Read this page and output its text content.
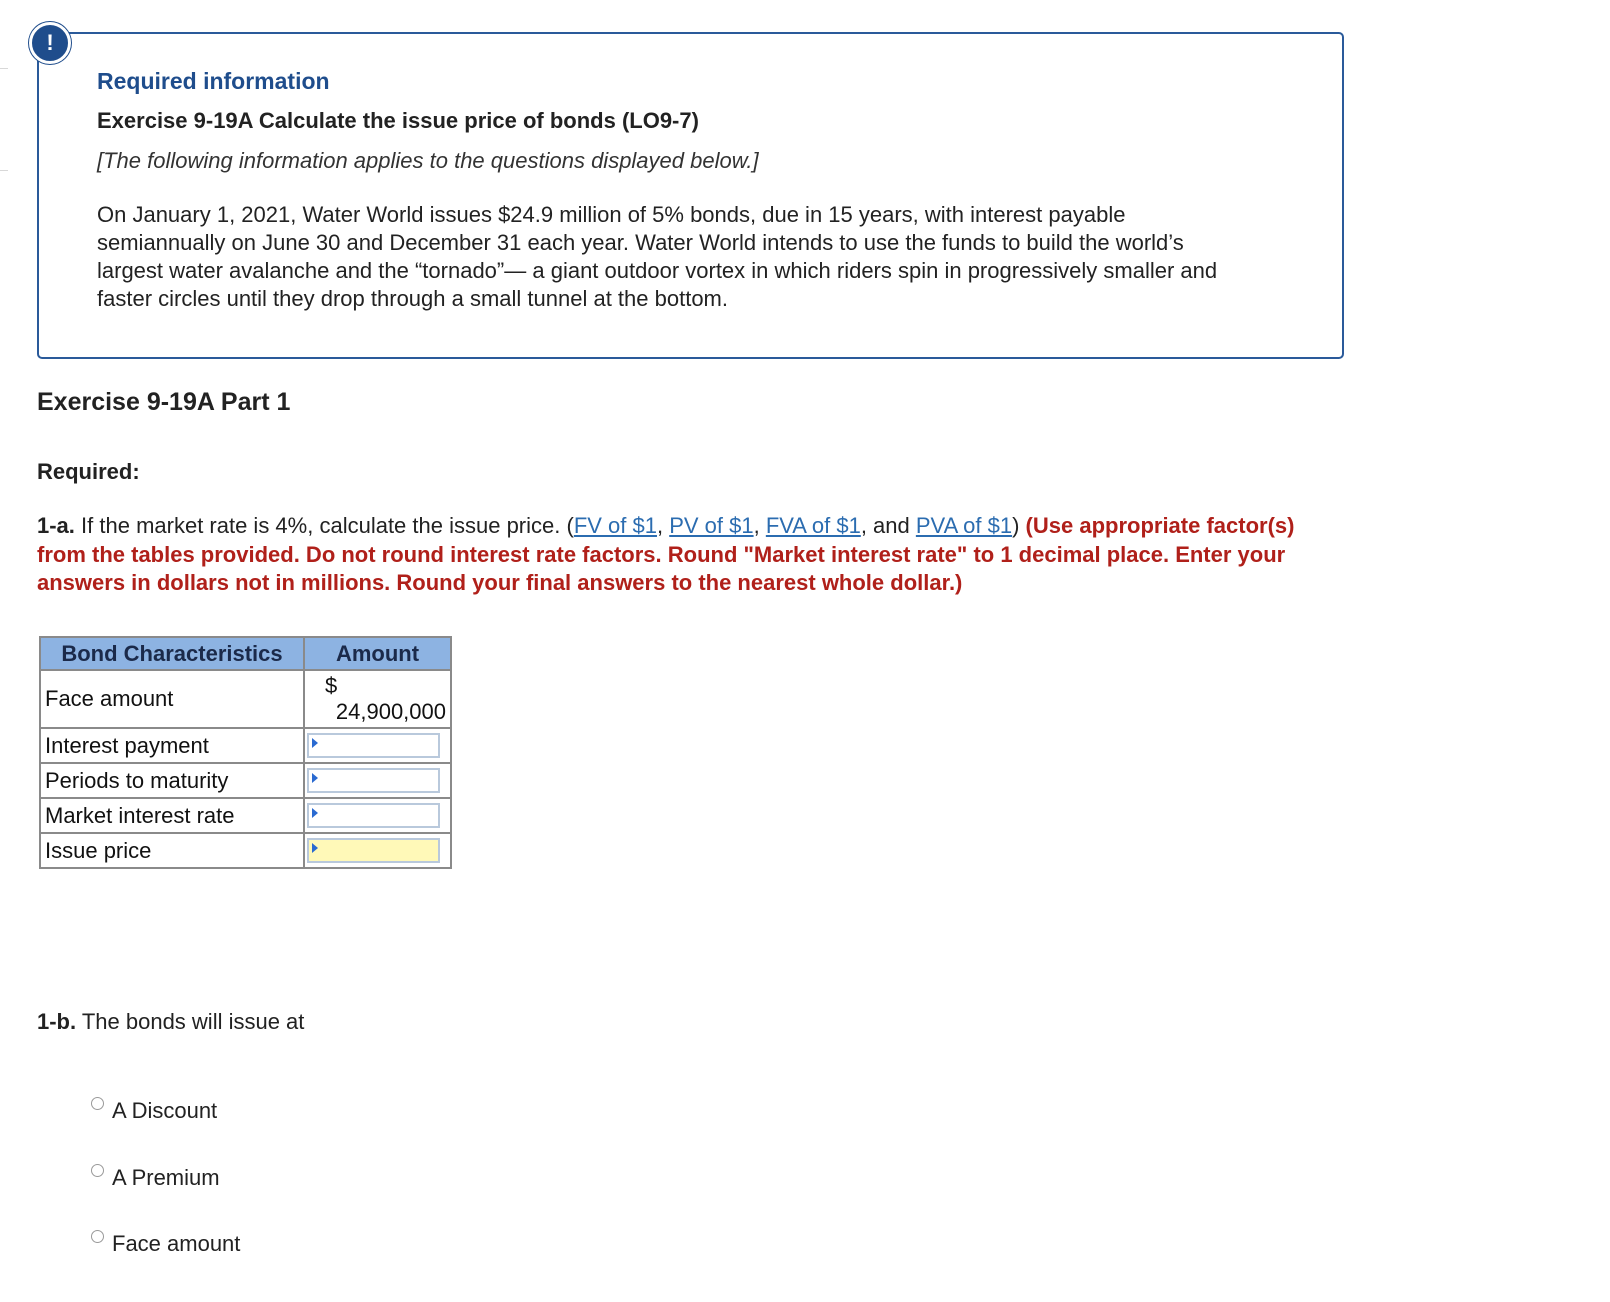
!
Required information
Exercise 9-19A Calculate the issue price of bonds (LO9-7)
[The following information applies to the questions displayed below.]
On January 1, 2021, Water World issues $24.9 million of 5% bonds, due in 15 years, with interest payable semiannually on June 30 and December 31 each year. Water World intends to use the funds to build the world’s largest water avalanche and the “tornado”— a giant outdoor vortex in which riders spin in progressively smaller and faster circles until they drop through a small tunnel at the bottom.
Exercise 9-19A Part 1
Required:
1-a. If the market rate is 4%, calculate the issue price. (FV of $1, PV of $1, FVA of $1, and PVA of $1) (Use appropriate factor(s) from the tables provided. Do not round interest rate factors. Round "Market interest rate" to 1 decimal place. Enter your answers in dollars not in millions. Round your final answers to the nearest whole dollar.)
Bond Characteristics	Amount
Face amount	$
24,900,000
Interest payment	

Periods to maturity	

Market interest rate	

Issue price	
1-b. The bonds will issue at
A Discount
A Premium
Face amount
